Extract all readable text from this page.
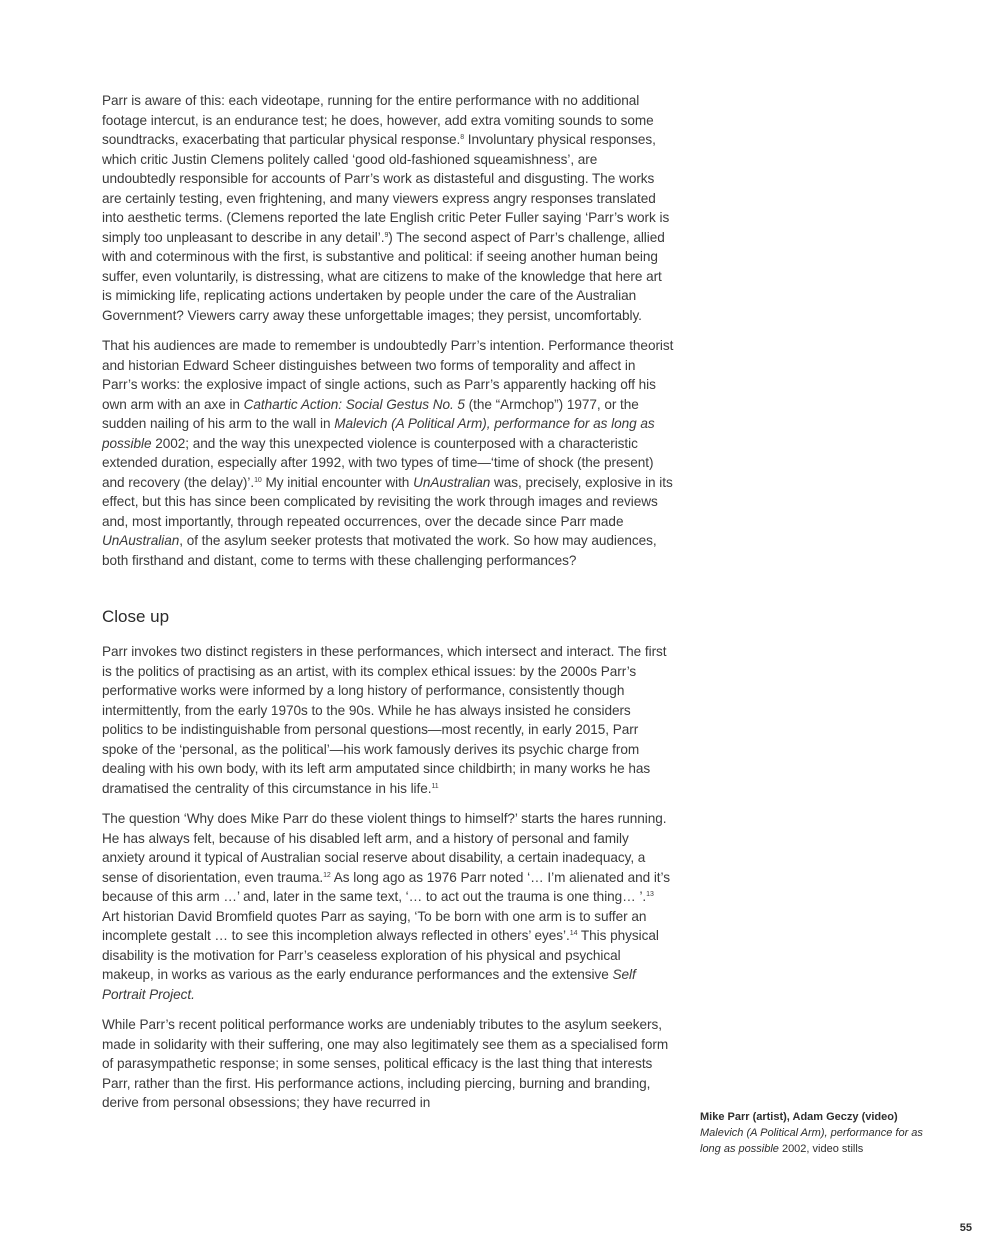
Parr is aware of this: each videotape, running for the entire performance with no additional footage intercut, is an endurance test; he does, however, add extra vomiting sounds to some soundtracks, exacerbating that particular physical response.$^8$ Involuntary physical responses, which critic Justin Clemens politely called ‘good old-fashioned squeamishness’, are undoubtedly responsible for accounts of Parr’s work as distasteful and disgusting. The works are certainly testing, even frightening, and many viewers express angry responses translated into aesthetic terms. (Clemens reported the late English critic Peter Fuller saying ‘Parr’s work is simply too unpleasant to describe in any detail’.$^9$) The second aspect of Parr’s challenge, allied with and coterminous with the first, is substantive and political: if seeing another human being suffer, even voluntarily, is distressing, what are citizens to make of the knowledge that here art is mimicking life, replicating actions undertaken by people under the care of the Australian Government? Viewers carry away these unforgettable images; they persist, uncomfortably.

That his audiences are made to remember is undoubtedly Parr’s intention. Performance theorist and historian Edward Scheer distinguishes between two forms of temporality and affect in Parr’s works: the explosive impact of single actions, such as Parr’s apparently hacking off his own arm with an axe in Cathartic Action: Social Gestus No. 5 (the “Armchop”) 1977, or the sudden nailing of his arm to the wall in Malevich (A Political Arm), performance for as long as possible 2002; and the way this unexpected violence is counterposed with a characteristic extended duration, especially after 1992, with two types of time—‘time of shock (the present) and recovery (the delay)’.$^{10}$ My initial encounter with UnAustralian was, precisely, explosive in its effect, but this has since been complicated by revisiting the work through images and reviews and, most importantly, through repeated occurrences, over the decade since Parr made UnAustralian, of the asylum seeker protests that motivated the work. So how may audiences, both firsthand and distant, come to terms with these challenging performances?

Close up

Parr invokes two distinct registers in these performances, which intersect and interact. The first is the politics of practising as an artist, with its complex ethical issues: by the 2000s Parr’s performative works were informed by a long history of performance, consistently though intermittently, from the early 1970s to the 90s. While he has always insisted he considers politics to be indistinguishable from personal questions—most recently, in early 2015, Parr spoke of the ‘personal, as the political’—his work famously derives its psychic charge from dealing with his own body, with its left arm amputated since childbirth; in many works he has dramatised the centrality of this circumstance in his life.$^{11}$

The question ‘Why does Mike Parr do these violent things to himself?’ starts the hares running. He has always felt, because of his disabled left arm, and a history of personal and family anxiety around it typical of Australian social reserve about disability, a certain inadequacy, a sense of disorientation, even trauma.$^{12}$ As long ago as 1976 Parr noted ‘… I’m alienated and it’s because of this arm …’ and, later in the same text, ‘… to act out the trauma is one thing… ’.$^{13}$ Art historian David Bromfield quotes Parr as saying, ‘To be born with one arm is to suffer an incomplete gestalt … to see this incompletion always reflected in others’ eyes’.$^{14}$ This physical disability is the motivation for Parr’s ceaseless exploration of his physical and psychical makeup, in works as various as the early endurance performances and the extensive Self Portrait Project.

While Parr’s recent political performance works are undeniably tributes to the asylum seekers, made in solidarity with their suffering, one may also legitimately see them as a specialised form of parasympathetic response; in some senses, political efficacy is the last thing that interests Parr, rather than the first. His performance actions, including piercing, burning and branding, derive from personal obsessions; they have recurred in

Mike Parr (artist), Adam Geczy (video)
Malevich (A Political Arm), performance for as long as possible 2002, video stills
55
